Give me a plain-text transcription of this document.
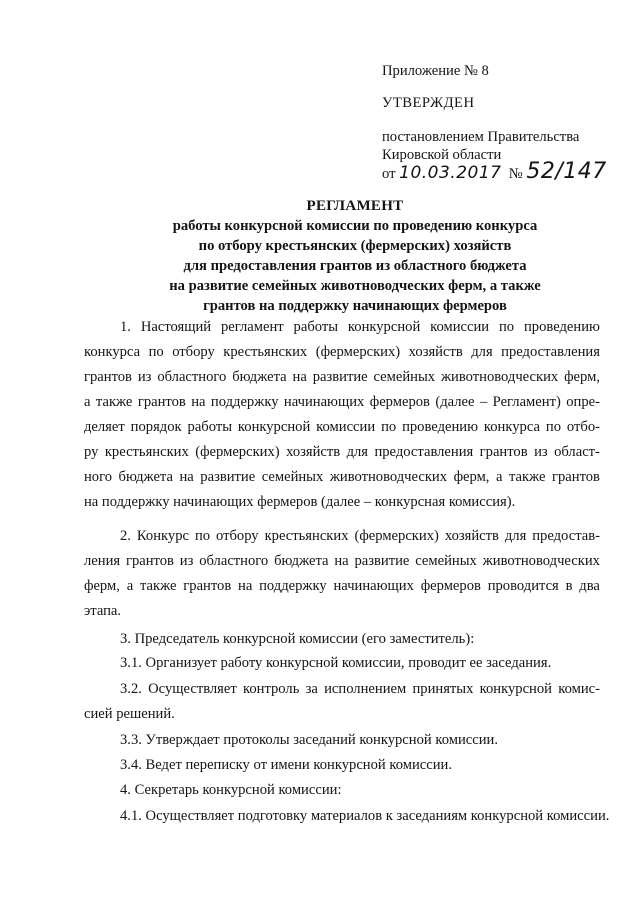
Приложение № 8
УТВЕРЖДЕН
постановлением Правительства
Кировской области
от 10.03.2017 № 52/147
РЕГЛАМЕНТ
работы конкурсной комиссии по проведению конкурса
по отбору крестьянских (фермерских) хозяйств
для предоставления грантов из областного бюджета
на развитие семейных животноводческих ферм, а также
грантов на поддержку начинающих фермеров
1. Настоящий регламент работы конкурсной комиссии по проведению
конкурса по отбору крестьянских (фермерских) хозяйств для предоставления
грантов из областного бюджета на развитие семейных животноводческих ферм,
а также грантов на поддержку начинающих фермеров (далее – Регламент) опре-
деляет порядок работы конкурсной комиссии по проведению конкурса по отбо-
ру крестьянских (фермерских) хозяйств для предоставления грантов из област-
ного бюджета на развитие семейных животноводческих ферм, а также грантов
на поддержку начинающих фермеров (далее – конкурсная комиссия).
2. Конкурс по отбору крестьянских (фермерских) хозяйств для предостав-
ления грантов из областного бюджета на развитие семейных животноводческих
ферм, а также грантов на поддержку начинающих фермеров проводится в два
этапа.
3. Председатель конкурсной комиссии (его заместитель):
3.1. Организует работу конкурсной комиссии, проводит ее заседания.
3.2. Осуществляет контроль за исполнением принятых конкурсной комис-
сией решений.
3.3. Утверждает протоколы заседаний конкурсной комиссии.
3.4. Ведет переписку от имени конкурсной комиссии.
4. Секретарь конкурсной комиссии:
4.1. Осуществляет подготовку материалов к заседаниям конкурсной комиссии.
